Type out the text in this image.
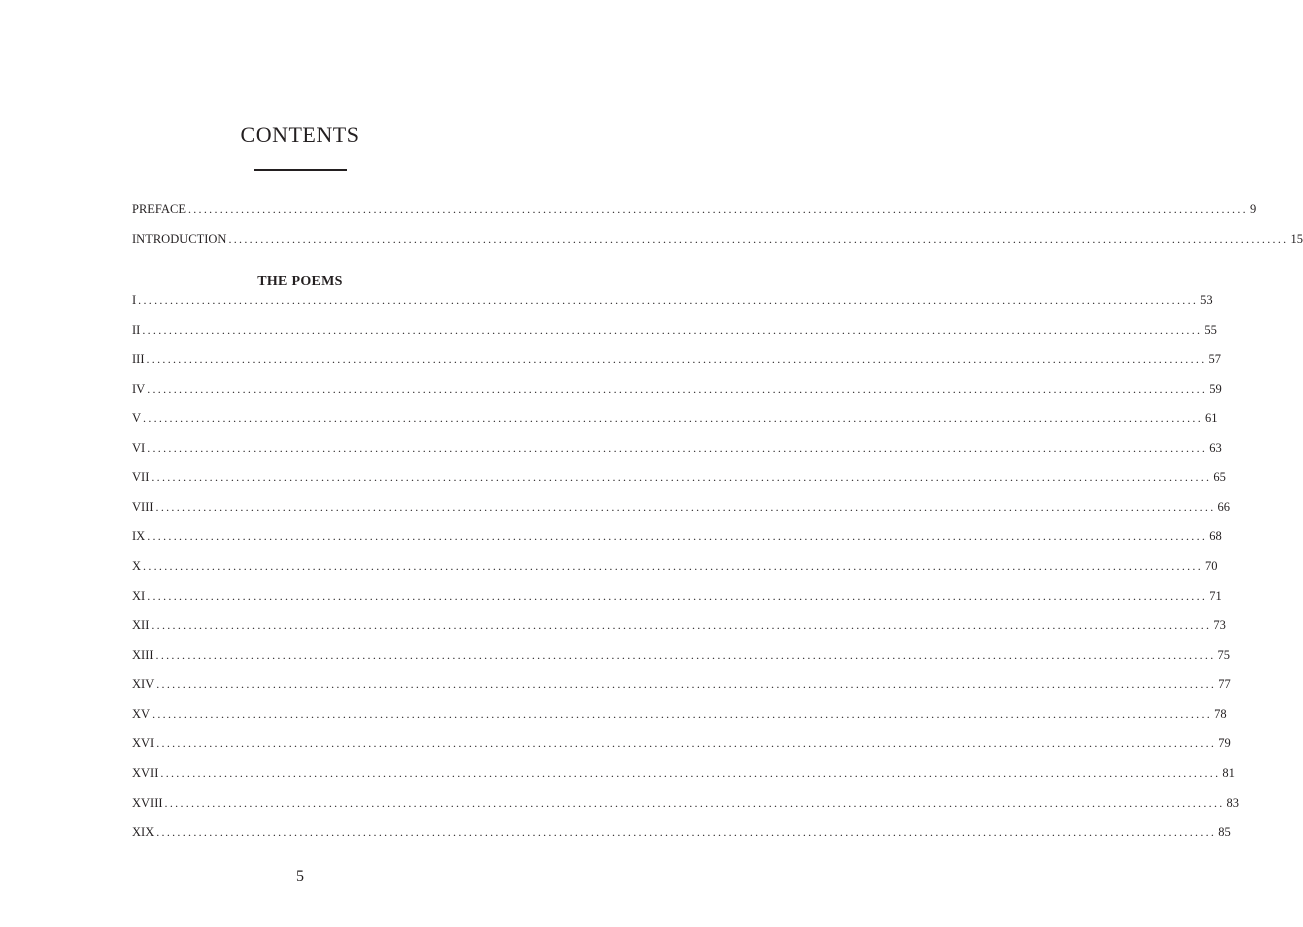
CONTENTS
PREFACE ........................................................................................................................................................................................................ 9
INTRODUCTION ........................................................................................................................................................................................................ 15
THE POEMS
I ........................................................................................................................................................................................................ 53
II ........................................................................................................................................................................................................ 55
III ........................................................................................................................................................................................................ 57
IV ........................................................................................................................................................................................................ 59
V ........................................................................................................................................................................................................ 61
VI ........................................................................................................................................................................................................ 63
VII ........................................................................................................................................................................................................ 65
VIII ........................................................................................................................................................................................................ 66
IX ........................................................................................................................................................................................................ 68
X ........................................................................................................................................................................................................ 70
XI ........................................................................................................................................................................................................ 71
XII ........................................................................................................................................................................................................ 73
XIII ........................................................................................................................................................................................................ 75
XIV ........................................................................................................................................................................................................ 77
XV ........................................................................................................................................................................................................ 78
XVI ........................................................................................................................................................................................................ 79
XVII ........................................................................................................................................................................................................ 81
XVIII ........................................................................................................................................................................................................ 83
XIX ........................................................................................................................................................................................................ 85
5
